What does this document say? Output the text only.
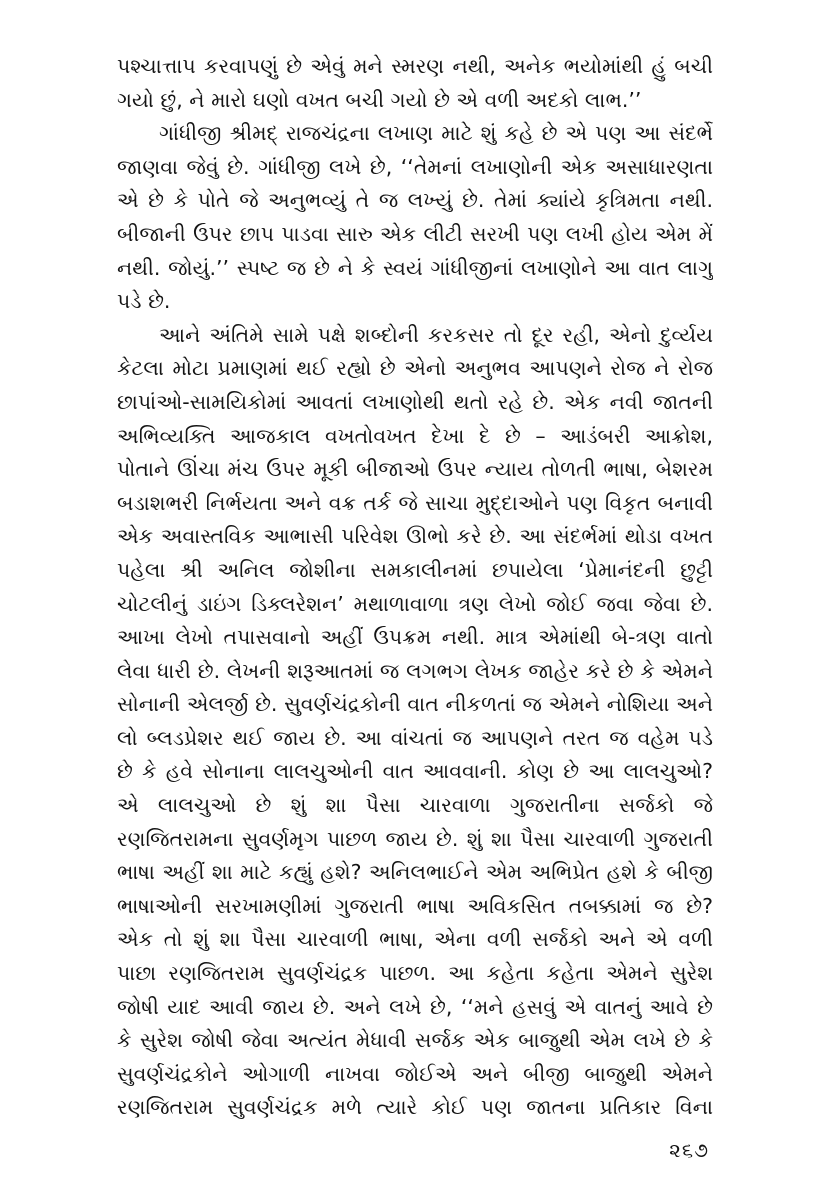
પશ્ચાત્તાપ કરવાપણું છે એવું મને સ્મરણ નથી, અનેક ભયોમાંથી હું બચી
ગયો છું, ને મારો ઘણો વખત બચી ગયો છે એ વળી અદકો લાભ.’’
ગાંધીજી શ્રીમદ્ રાજચંદ્રના લખાણ માટે શું કહે છે એ પણ આ સંદર્ભે
જાણવા જેવું છે. ગાંધીજી લખે છે, ‘‘તેમનાં લખાણોની એક અસાધારણતા
એ છે કે પોતે જે અનુભવ્યું તે જ લખ્યું છે. તેમાં ક્યાંયે કૃત્રિમતા નથી.
બીજાની ઉપર છાપ પાડવા સારુ એક લીટી સરખી પણ લખી હોય એમ મેં
નથી. જોયું.’’ સ્પષ્ટ જ છે ને કે સ્વયં ગાંધીજીનાં લખાણોને આ વાત લાગુ
પડે છે.
આને અંતિમે સામે પક્ષે શબ્દોની કરકસર તો દૂર રહી, એનો દુર્વ્યય
કેટલા મોટા પ્રમાણમાં થઈ રહ્યો છે એનો અનુભવ આપણને રોજ ને રોજ
છાપાંઓ-સામયિકોમાં આવતાં લખાણોથી થતો રહે છે. એક નવી જાતની
અભિવ્યક્તિ આજકાલ વખતોવખત દેખા દે છે – આડંબરી આક્રોશ,
પોતાને ઊંચા મંચ ઉપર મૂકી બીજાઓ ઉપર ન્યાય તોળતી ભાષા, બેશરમ
બડાશભરી નિર્ભયતા અને વક્ર તર્ક જે સાચા મુદ્દાઓને પણ વિકૃત બનાવી
એક અવાસ્તવિક આભાસી પરિવેશ ઊભો કરે છે. આ સંદર્ભમાં થોડા વખત
પહેલા શ્રી અનિલ જોશીના સમકાલીનમાં છપાયેલા ‘પ્રેમાનંદની છુટ્ટી
ચોટલીનું ડાઇંગ ડિક્લરેશન’ મથાળાવાળા ત્રણ લેખો જોઈ જવા જેવા છે.
આખા લેખો તપાસવાનો અહીં ઉપક્રમ નથી. માત્ર એમાંથી બે-ત્રણ વાતો
લેવા ધારી છે. લેખની શરૂઆતમાં જ લગભગ લેખક જાહેર કરે છે કે એમને
સોનાની એલર્જી છે. સુવર્ણચંદ્રકોની વાત નીકળતાં જ એમને નોશિયા અને
લો બ્લડપ્રેશર થઈ જાય છે. આ વાંચતાં જ આપણને તરત જ વહેમ પડે
છે કે હવે સોનાના લાલચુઓની વાત આવવાની. કોણ છે આ લાલચુઓ?
એ લાલચુઓ છે શું શા પૈસા ચારવાળા ગુજરાતીના સર્જકો જે
રણજિતરામના સુવર્ણમૃગ પાછળ જાય છે. શું શા પૈસા ચારવાળી ગુજરાતી
ભાષા અહીં શા માટે કહ્યું હશે? અનિલભાઈને એમ અભિપ્રેત હશે કે બીજી
ભાષાઓની સરખામણીમાં ગુજરાતી ભાષા અવિકસિત તબક્કામાં જ છે?
એક તો શું શા પૈસા ચારવાળી ભાષા, એના વળી સર્જકો અને એ વળી
પાછા રણજિતરામ સુવર્ણચંદ્રક પાછળ. આ કહેતા કહેતા એમને સુરેશ
જોષી યાદ આવી જાય છે. અને લખે છે, ‘‘મને હસવું એ વાતનું આવે છે
કે સુરેશ જોષી જેવા અત્યંત મેધાવી સર્જક એક બાજુથી એમ લખે છે કે
સુવર્ણચંદ્રકોને ઓગાળી નાખવા જોઈએ અને બીજી બાજુથી એમને
રણજિતરામ સુવર્ણચંદ્રક મળે ત્યારે કોઈ પણ જાતના પ્રતિકાર વિના
૨૬૭
